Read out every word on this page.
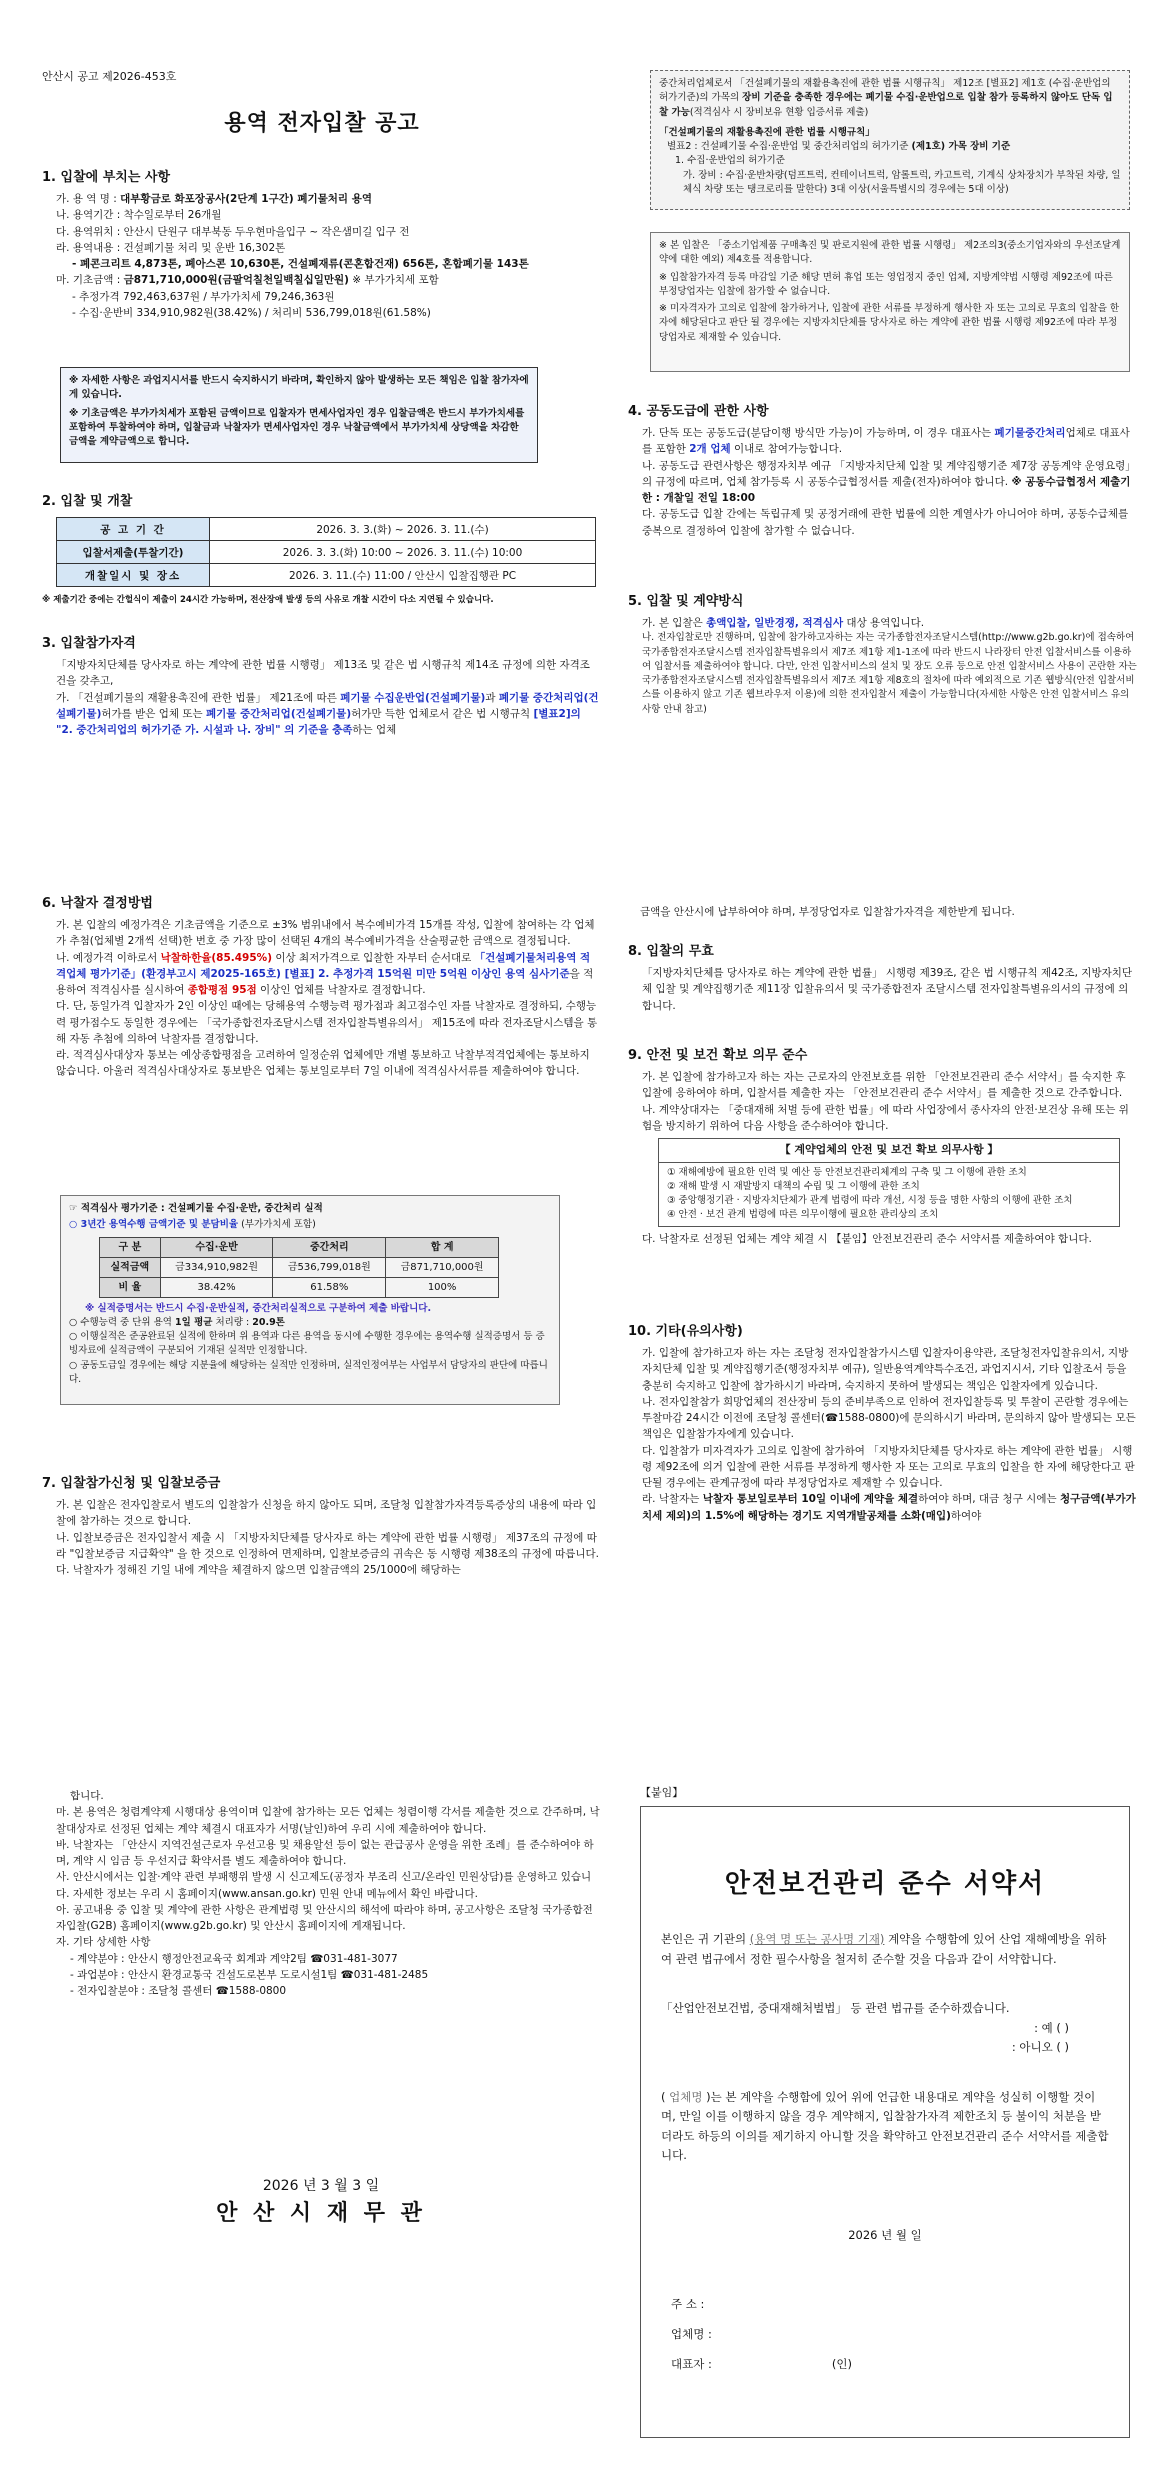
안산시 공고 제2026-453호
용역 전자입찰 공고
1. 입찰에 부치는 사항
가. 용 역 명 : 대부황금로 화포장공사(2단계 1구간) 폐기물처리 용역
나. 용역기간 : 착수일로부터 26개월
다. 용역위치 : 안산시 단원구 대부북동 두우현마을입구 ~ 작은샘미길 입구 전
라. 용역내용 : 건설폐기물 처리 및 운반 16,302톤
- 폐콘크리트 4,873톤, 폐아스콘 10,630톤, 건설폐재류(콘혼합건재) 656톤, 혼합폐기물 143톤
마. 기초금액 : 금871,710,000원(금팔억칠천일백칠십일만원) ※ 부가가치세 포함
- 추정가격 792,463,637원 / 부가가치세 79,246,363원
- 수집·운반비 334,910,982원(38.42%) / 처리비 536,799,018원(61.58%)
※ 자세한 사항은 과업지시서를 반드시 숙지하시기 바라며, 확인하지 않아 발생하는 모든 책임은 입찰 참가자에게 있습니다.
※ 기초금액은 부가가치세가 포함된 금액이므로 입찰자가 면세사업자인 경우 입찰금액은 반드시 부가가치세를 포함하여 투찰하여야 하며, 입찰금과 낙찰자가 면세사업자인 경우 낙찰금액에서 부가가치세 상당액을 차감한 금액을 계약금액으로 합니다.
2. 입찰 및 개찰
공 고 기 간	2026. 3. 3.(화) ~ 2026. 3. 11.(수)
입찰서제출(투찰기간)	2026. 3. 3.(화) 10:00 ~ 2026. 3. 11.(수) 10:00
개찰일시 및 장소	2026. 3. 11.(수) 11:00 / 안산시 입찰집행관 PC
※ 제출기간 중에는 간헐식이 제출이 24시간 가능하며, 전산장애 발생 등의 사유로 개찰 시간이 다소 지연될 수 있습니다.
3. 입찰참가자격
「지방자치단체를 당사자로 하는 계약에 관한 법률 시행령」 제13조 및 같은 법 시행규칙 제14조 규정에 의한 자격조건을 갖추고,
가. 「건설폐기물의 재활용촉진에 관한 법률」 제21조에 따른 폐기물 수집운반업(건설폐기물)과 폐기물 중간처리업(건설폐기물)허가를 받은 업체 또는 폐기물 중간처리업(건설폐기물)허가만 득한 업체로서 같은 법 시행규칙 [별표2]의 "2. 중간처리업의 허가기준 가. 시설과 나. 장비" 의 기준을 충족하는 업체
중간처리업체로서 「건설폐기물의 재활용촉진에 관한 법률 시행규칙」 제12조 [별표2] 제1호 (수집·운반업의 허가기준)의 가목의 장비 기준을 충족한 경우에는 폐기물 수집·운반업으로 입찰 참가 등록하지 않아도 단독 입찰 가능(적격심사 시 장비보유 현황 입증서류 제출)
「건설폐기물의 재활용촉진에 관한 법률 시행규칙」
별표2 : 건설폐기물 수집·운반업 및 중간처리업의 허가기준 (제1호) 가목 장비 기준
1. 수집·운반업의 허가기준
가. 장비 : 수집·운반차량(덤프트럭, 컨테이너트럭, 암롤트럭, 카고트럭, 기계식 상차장치가 부착된 차량, 일체식 차량 또는 탱크로리를 말한다) 3대 이상(서울특별시의 경우에는 5대 이상)
※ 본 입찰은 「중소기업제품 구매촉진 및 판로지원에 관한 법률 시행령」 제2조의3(중소기업자와의 우선조달계약에 대한 예외) 제4호를 적용합니다.
※ 입찰참가자격 등록 마감일 기준 해당 면허 휴업 또는 영업정지 중인 업체, 지방계약법 시행령 제92조에 따른 부정당업자는 입찰에 참가할 수 없습니다.
※ 미자격자가 고의로 입찰에 참가하거나, 입찰에 관한 서류를 부정하게 행사한 자 또는 고의로 무효의 입찰을 한 자에 해당된다고 판단 될 경우에는 지방자치단체를 당사자로 하는 계약에 관한 법률 시행령 제92조에 따라 부정당업자로 제재할 수 있습니다.
4. 공동도급에 관한 사항
가. 단독 또는 공동도급(분담이행 방식만 가능)이 가능하며, 이 경우 대표사는 폐기물중간처리업체로 대표사를 포함한 2개 업체 이내로 참여가능합니다.
나. 공동도급 관련사항은 행정자치부 예규 「지방자치단체 입찰 및 계약집행기준 제7장 공동계약 운영요령」의 규정에 따르며, 업체 참가등록 시 공동수급협정서를 제출(전자)하여야 합니다. ※ 공동수급협정서 제출기한 : 개찰일 전일 18:00
다. 공동도급 입찰 간에는 독립규제 및 공정거래에 관한 법률에 의한 계열사가 아니어야 하며, 공동수급체를 중복으로 결정하여 입찰에 참가할 수 없습니다.
5. 입찰 및 계약방식
가. 본 입찰은 총액입찰, 일반경쟁, 적격심사 대상 용역입니다.
나. 전자입찰로만 진행하며, 입찰에 참가하고자하는 자는 국가종합전자조달시스템(http://www.g2b.go.kr)에 접속하여 국가종합전자조달시스템 전자입찰특별유의서 제7조 제1항 제1-1조에 따라 반드시 나라장터 안전 입찰서비스를 이용하여 입찰서를 제출하여야 합니다. 다만, 안전 입찰서비스의 설치 및 장도 오류 등으로 안전 입찰서비스 사용이 곤란한 자는 국가종합전자조달시스템 전자입찰특별유의서 제7조 제1항 제8호의 절차에 따라 예외적으로 기존 웹방식(안전 입찰서비스를 이용하지 않고 기존 웹브라우저 이용)에 의한 전자입찰서 제출이 가능합니다(자세한 사항은 안전 입찰서비스 유의사항 안내 참고)
6. 낙찰자 결정방법
가. 본 입찰의 예정가격은 기초금액을 기준으로 ±3% 범위내에서 복수예비가격 15개를 작성, 입찰에 참여하는 각 업체가 추첨(업체별 2개씩 선택)한 번호 중 가장 많이 선택된 4개의 복수예비가격을 산술평균한 금액으로 결정됩니다.
나. 예정가격 이하로서 낙찰하한율(85.495%) 이상 최저가격으로 입찰한 자부터 순서대로 「건설폐기물처리용역 적격업체 평가기준」(환경부고시 제2025-165호) [별표] 2. 추정가격 15억원 미만 5억원 이상인 용역 심사기준을 적용하여 적격심사를 실시하여 종합평점 95점 이상인 업체를 낙찰자로 결정합니다.
다. 단, 동일가격 입찰자가 2인 이상인 때에는 당해용역 수행능력 평가점과 최고점수인 자를 낙찰자로 결정하되, 수행능력 평가점수도 동일한 경우에는 「국가종합전자조달시스템 전자입찰특별유의서」 제15조에 따라 전자조달시스템을 통해 자동 추첨에 의하여 낙찰자를 결정합니다.
라. 적격심사대상자 통보는 예상종합평점을 고려하여 일정순위 업체에만 개별 통보하고 낙찰부적격업체에는 통보하지 않습니다. 아울러 적격심사대상자로 통보받은 업체는 통보일로부터 7일 이내에 적격심사서류를 제출하여야 합니다.
☞ 적격심사 평가기준 : 건설폐기물 수집·운반, 중간처리 실적
○ 3년간 용역수행 금액기준 및 분담비율 (부가가치세 포함)
구 분	수집·운반	중간처리	합 계
실적금액	금334,910,982원	금536,799,018원	금871,710,000원
비 율	38.42%	61.58%	100%
※ 실적증명서는 반드시 수집·운반실적, 중간처리실적으로 구분하여 제출 바랍니다.
○ 수행능력 중 단위 용역 1일 평균 처리량 : 20.9톤
○ 이행실적은 준공완료된 실적에 한하며 위 용역과 다른 용역을 동시에 수행한 경우에는 용역수행 실적증명서 등 증빙자료에 실적금액이 구분되어 기재된 실적만 인정합니다.
○ 공동도급일 경우에는 해당 지분율에 해당하는 실적만 인정하며, 실적인정여부는 사업부서 담당자의 판단에 따릅니다.
7. 입찰참가신청 및 입찰보증금
가. 본 입찰은 전자입찰로서 별도의 입찰참가 신청을 하지 않아도 되며, 조달청 입찰참가자격등록증상의 내용에 따라 입찰에 참가하는 것으로 합니다.
나. 입찰보증금은 전자입찰서 제출 시 「지방자치단체를 당사자로 하는 계약에 관한 법률 시행령」 제37조의 규정에 따라 "입찰보증금 지급확약" 을 한 것으로 인정하여 면제하며, 입찰보증금의 귀속은 동 시행령 제38조의 규정에 따릅니다.
다. 낙찰자가 정해진 기일 내에 계약을 체결하지 않으면 입찰금액의 25/1000에 해당하는
금액을 안산시에 납부하여야 하며, 부정당업자로 입찰참가자격을 제한받게 됩니다.
8. 입찰의 무효
「지방자치단체를 당사자로 하는 계약에 관한 법률」 시행령 제39조, 같은 법 시행규칙 제42조, 지방자치단체 입찰 및 계약집행기준 제11장 입찰유의서 및 국가종합전자 조달시스템 전자입찰특별유의서의 규정에 의합니다.
9. 안전 및 보건 확보 의무 준수
가. 본 입찰에 참가하고자 하는 자는 근로자의 안전보호를 위한 「안전보건관리 준수 서약서」를 숙지한 후 입찰에 응하여야 하며, 입찰서를 제출한 자는 「안전보건관리 준수 서약서」를 제출한 것으로 간주합니다.
나. 계약상대자는 「중대재해 처벌 등에 관한 법률」에 따라 사업장에서 종사자의 안전·보건상 유해 또는 위험을 방지하기 위하여 다음 사항을 준수하여야 합니다.
【 계약업체의 안전 및 보건 확보 의무사항 】
① 재해예방에 필요한 인력 및 예산 등 안전보건관리체계의 구축 및 그 이행에 관한 조치
② 재해 발생 시 재발방지 대책의 수립 및 그 이행에 관한 조치
③ 중앙행정기관 · 지방자치단체가 관계 법령에 따라 개선, 시정 등을 명한 사항의 이행에 관한 조치
④ 안전 · 보건 관계 법령에 따른 의무이행에 필요한 관리상의 조치
다. 낙찰자로 선정된 업체는 계약 체결 시 【붙임】안전보건관리 준수 서약서를 제출하여야 합니다.
10. 기타(유의사항)
가. 입찰에 참가하고자 하는 자는 조달청 전자입찰참가시스템 입찰자이용약관, 조달청전자입찰유의서, 지방자치단체 입찰 및 계약집행기준(행정자치부 예규), 일반용역계약특수조건, 과업지시서, 기타 입찰조서 등을 충분히 숙지하고 입찰에 참가하시기 바라며, 숙지하지 못하여 발생되는 책임은 입찰자에게 있습니다.
나. 전자입찰참가 희망업체의 전산장비 등의 준비부족으로 인하여 전자입찰등록 및 투찰이 곤란할 경우에는 투찰마감 24시간 이전에 조달청 콜센터(☎1588-0800)에 문의하시기 바라며, 문의하지 않아 발생되는 모든 책임은 입찰참가자에게 있습니다.
다. 입찰참가 미자격자가 고의로 입찰에 참가하여 「지방자치단체를 당사자로 하는 계약에 관한 법률」 시행령 제92조에 의거 입찰에 관한 서류를 부정하게 행사한 자 또는 고의로 무효의 입찰을 한 자에 해당한다고 판단될 경우에는 관계규정에 따라 부정당업자로 제재할 수 있습니다.
라. 낙찰자는 낙찰자 통보일로부터 10일 이내에 계약을 체결하여야 하며, 대금 청구 시에는 청구금액(부가가치세 제외)의 1.5%에 해당하는 경기도 지역개발공채를 소화(매입)하여야
합니다.
마. 본 용역은 청렴계약제 시행대상 용역이며 입찰에 참가하는 모든 업체는 청렴이행 각서를 제출한 것으로 간주하며, 낙찰대상자로 선정된 업체는 계약 체결시 대표자가 서명(날인)하여 우리 시에 제출하여야 합니다.
바. 낙찰자는 「안산시 지역건설근로자 우선고용 및 채용알선 등이 없는 관급공사 운영을 위한 조례」를 준수하여야 하며, 계약 시 임금 등 우선지급 확약서를 별도 제출하여야 합니다.
사. 안산시에서는 입찰·계약 관련 부패행위 발생 시 신고제도(공정자 부조리 신고/온라인 민원상담)를 운영하고 있습니다. 자세한 정보는 우리 시 홈페이지(www.ansan.go.kr) 민원 안내 메뉴에서 확인 바랍니다.
아. 공고내용 중 입찰 및 계약에 관한 사항은 관계법령 및 안산시의 해석에 따라야 하며, 공고사항은 조달청 국가종합전자입찰(G2B) 홈페이지(www.g2b.go.kr) 및 안산시 홈페이지에 게재됩니다.
자. 기타 상세한 사항
- 계약분야 : 안산시 행정안전교육국 회계과 계약2팀 ☎031-481-3077
- 과업분야 : 안산시 환경교통국 건설도로본부 도로시설1팀 ☎031-481-2485
- 전자입찰분야 : 조달청 콜센터 ☎1588-0800
2026 년 3 월 3 일
안 산 시 재 무 관
【붙임】
안전보건관리 준수 서약서
본인은 귀 기관의 (용역 명 또는 공사명 기재) 계약을 수행함에 있어 산업 재해예방을 위하여 관련 법규에서 정한 필수사항을 철저히 준수할 것을 다음과 같이 서약합니다.
「산업안전보건법, 중대재해처벌법」 등 관련 법규를 준수하겠습니다.
: 예 ( )
: 아니오 ( )
( 업체명 )는 본 계약을 수행함에 있어 위에 언급한 내용대로 계약을 성실히 이행할 것이며, 만일 이를 이행하지 않을 경우 계약해지, 입찰참가자격 제한조치 등 불이익 처분을 받더라도 하등의 이의를 제기하지 아니할 것을 확약하고 안전보건관리 준수 서약서를 제출합니다.
2026 년 월 일
주 소 :
업체명 :
대표자 :	(인)
